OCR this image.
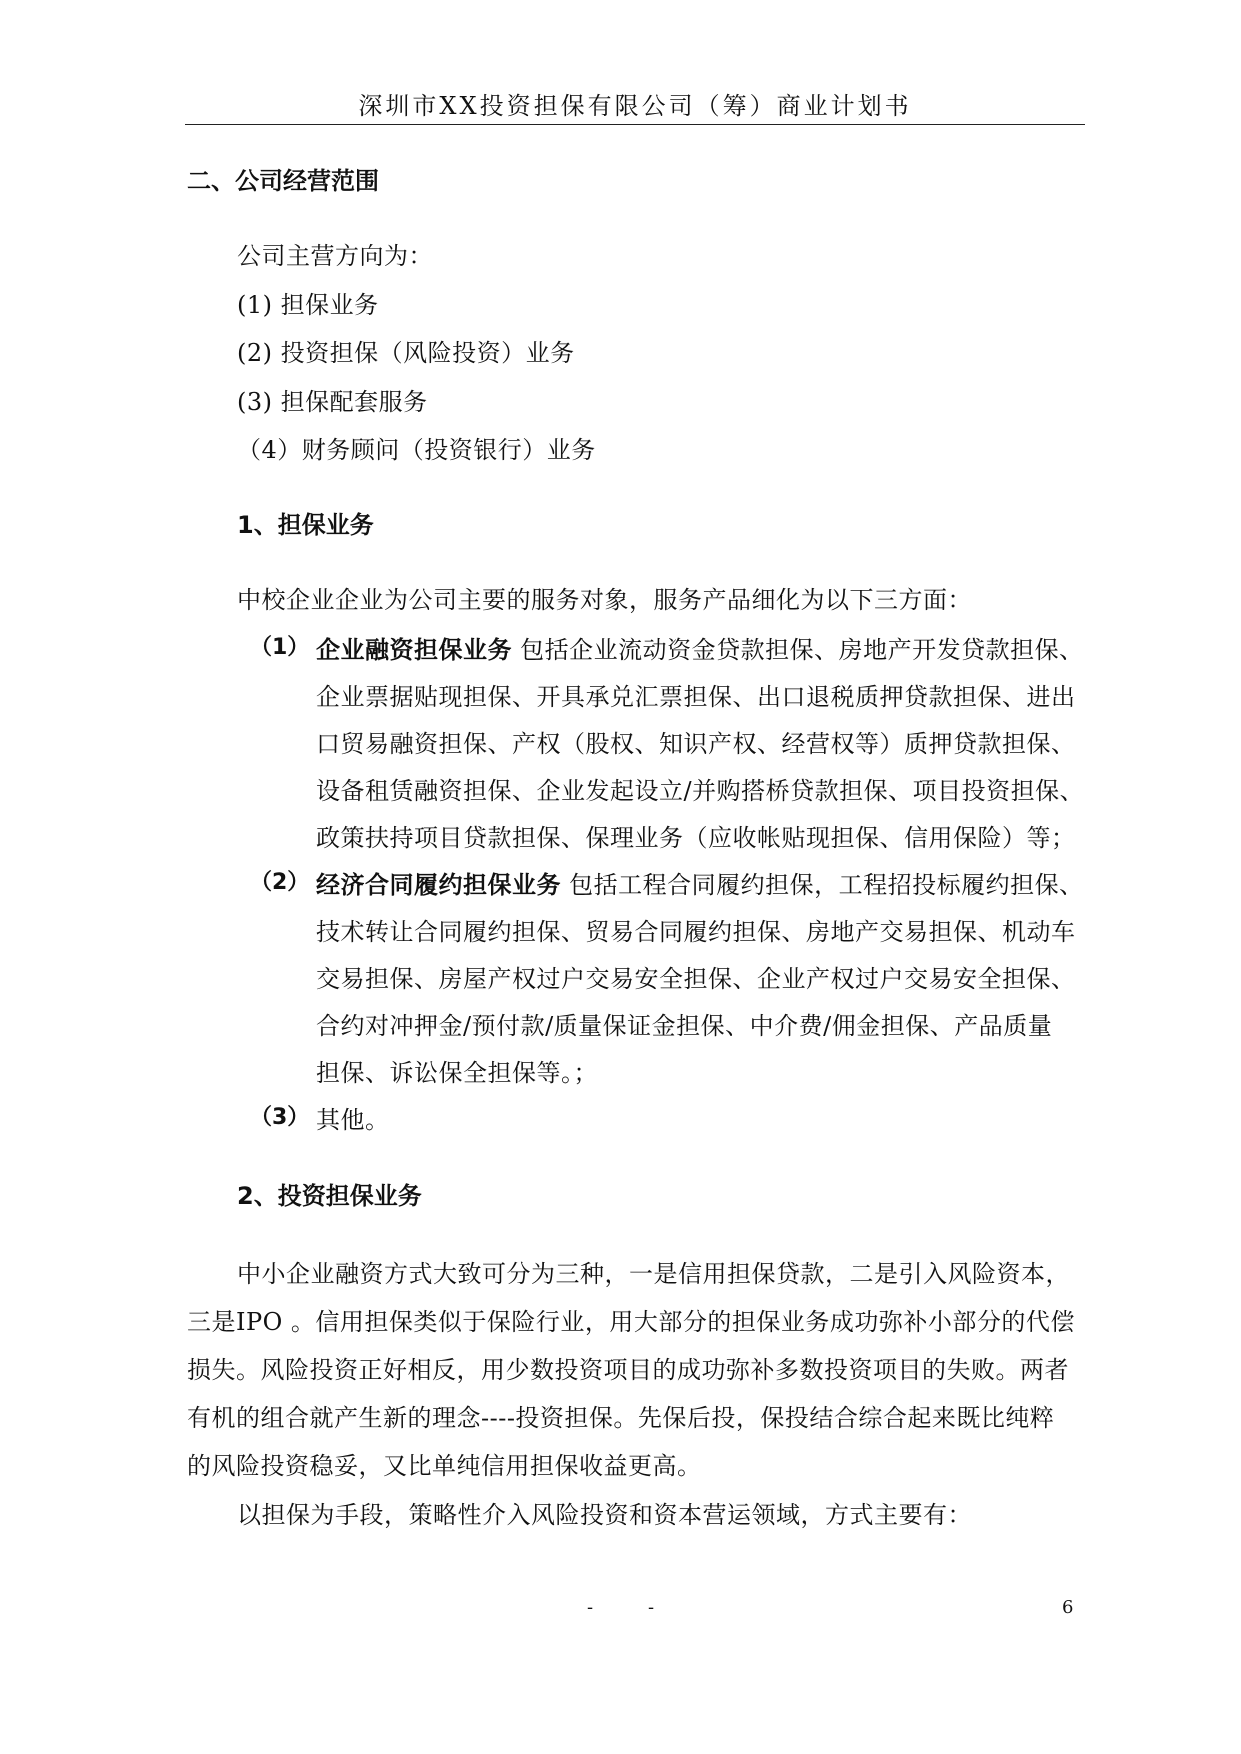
深圳市XX投资担保有限公司（筹）商业计划书
二、公司经营范围
公司主营方向为：
(1) 担保业务
(2) 投资担保（风险投资）业务
(3) 担保配套服务
（4）财务顾问（投资银行）业务
1、担保业务
中校企业企业为公司主要的服务对象，服务产品细化为以下三方面：
（1） 企业融资担保业务 包括企业流动资金贷款担保、房地产开发贷款担保、
企业票据贴现担保、开具承兑汇票担保、出口退税质押贷款担保、进出
口贸易融资担保、产权（股权、知识产权、经营权等）质押贷款担保、
设备租赁融资担保、企业发起设立/并购搭桥贷款担保、项目投资担保、
政策扶持项目贷款担保、保理业务（应收帐贴现担保、信用保险）等；
（2） 经济合同履约担保业务 包括工程合同履约担保，工程招投标履约担保、
技术转让合同履约担保、贸易合同履约担保、房地产交易担保、机动车
交易担保、房屋产权过户交易安全担保、企业产权过户交易安全担保、
合约对冲押金/预付款/质量保证金担保、中介费/佣金担保、产品质量
担保、诉讼保全担保等。；
（3） 其他。
2、投资担保业务
中小企业融资方式大致可分为三种，一是信用担保贷款，二是引入风险资本，
三是IPO 。信用担保类似于保险行业，用大部分的担保业务成功弥补小部分的代偿
损失。风险投资正好相反，用少数投资项目的成功弥补多数投资项目的失败。两者
有机的组合就产生新的理念----投资担保。先保后投，保投结合综合起来既比纯粹
的风险投资稳妥，又比单纯信用担保收益更高。
以担保为手段，策略性介入风险投资和资本营运领域，方式主要有：
-	-	6
